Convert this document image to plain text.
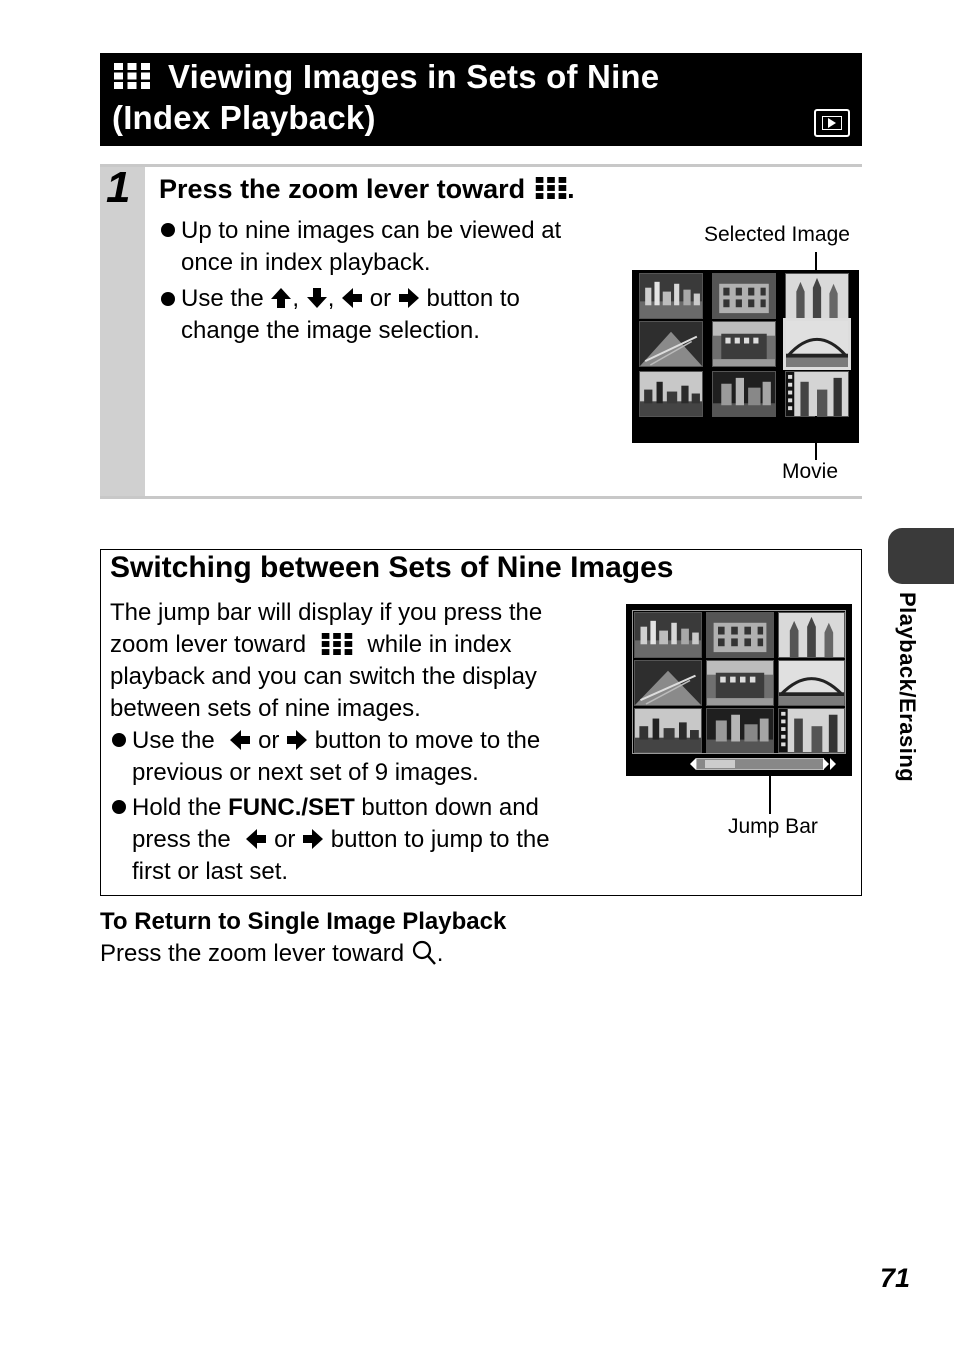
Viewing Images in Sets of Nine
(Index Playback)
1 Press the zoom lever toward .
Up to nine images can be viewed at
once in index playback.
Use the , , or button to
change the image selection.
Selected Image
Movie
Switching between Sets of Nine Images
The jump bar will display if you press the
zoom lever toward	while in index
playback and you can switch the display
between sets of nine images.
Use the or button to move to the
previous or next set of 9 images.
Hold the FUNC./SET button down and
press the or button to jump to the
first or last set.
Jump Bar
To Return to Single Image Playback
Press the zoom lever toward .
Playback/Erasing
71
